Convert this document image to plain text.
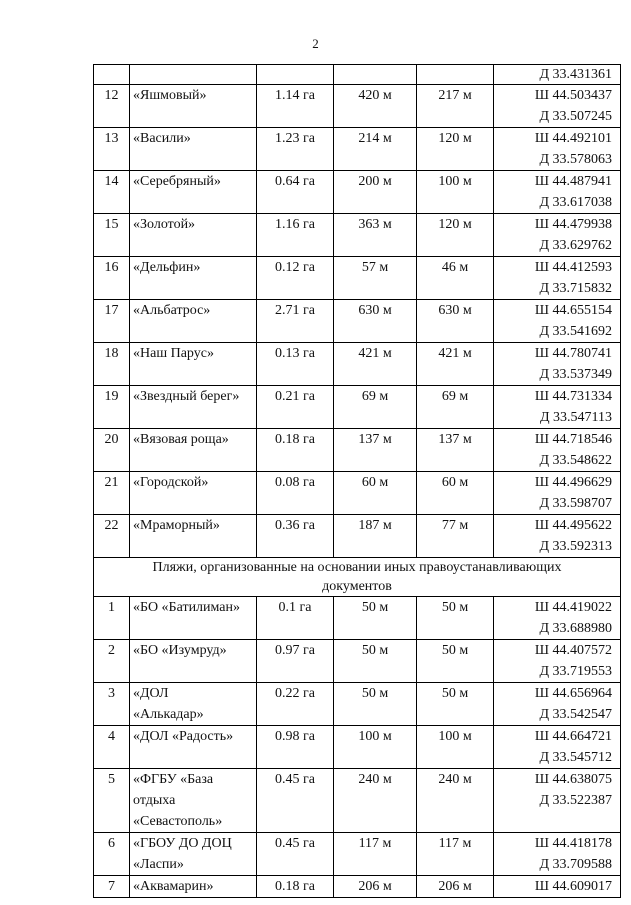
2
					Д 33.431361
12	«Яшмовый»	1.14 га	420 м	217 м	Ш 44.503437
Д 33.507245

13	«Васили»	1.23 га	214 м	120 м	Ш 44.492101
Д 33.578063

14	«Серебряный»	0.64 га	200 м	100 м	Ш 44.487941
Д 33.617038

15	«Золотой»	1.16 га	363 м	120 м	Ш 44.479938
Д 33.629762

16	«Дельфин»	0.12 га	57 м	46 м	Ш 44.412593
Д 33.715832

17	«Альбатрос»	2.71 га	630 м	630 м	Ш 44.655154
Д 33.541692

18	«Наш Парус»	0.13 га	421 м	421 м	Ш 44.780741
Д 33.537349

19	«Звездный берег»	0.21 га	69 м	69 м	Ш 44.731334
Д 33.547113

20	«Вязовая роща»	0.18 га	137 м	137 м	Ш 44.718546
Д 33.548622

21	«Городской»	0.08 га	60 м	60 м	Ш 44.496629
Д 33.598707

22	«Мраморный»	0.36 га	187 м	77 м	Ш 44.495622
Д 33.592313

Пляжи, организованные на основании иных правоустанавливающих
документов					

1	«БО «Батилиман»	0.1 га	50 м	50 м	Ш 44.419022
Д 33.688980

2	«БО «Изумруд»	0.97 га	50 м	50 м	Ш 44.407572
Д 33.719553

3	«ДОЛ
«Алькадар»	0.22 га	50 м	50 м	Ш 44.656964
Д 33.542547

4	«ДОЛ «Радость»	0.98 га	100 м	100 м	Ш 44.664721
Д 33.545712

5	«ФГБУ «База
отдыха
«Севастополь»	0.45 га	240 м	240 м	Ш 44.638075
Д 33.522387

6	«ГБОУ ДО ДОЦ
«Ласпи»	0.45 га	117 м	117 м	Ш 44.418178
Д 33.709588

7	«Аквамарин»	0.18 га	206 м	206 м	Ш 44.609017
